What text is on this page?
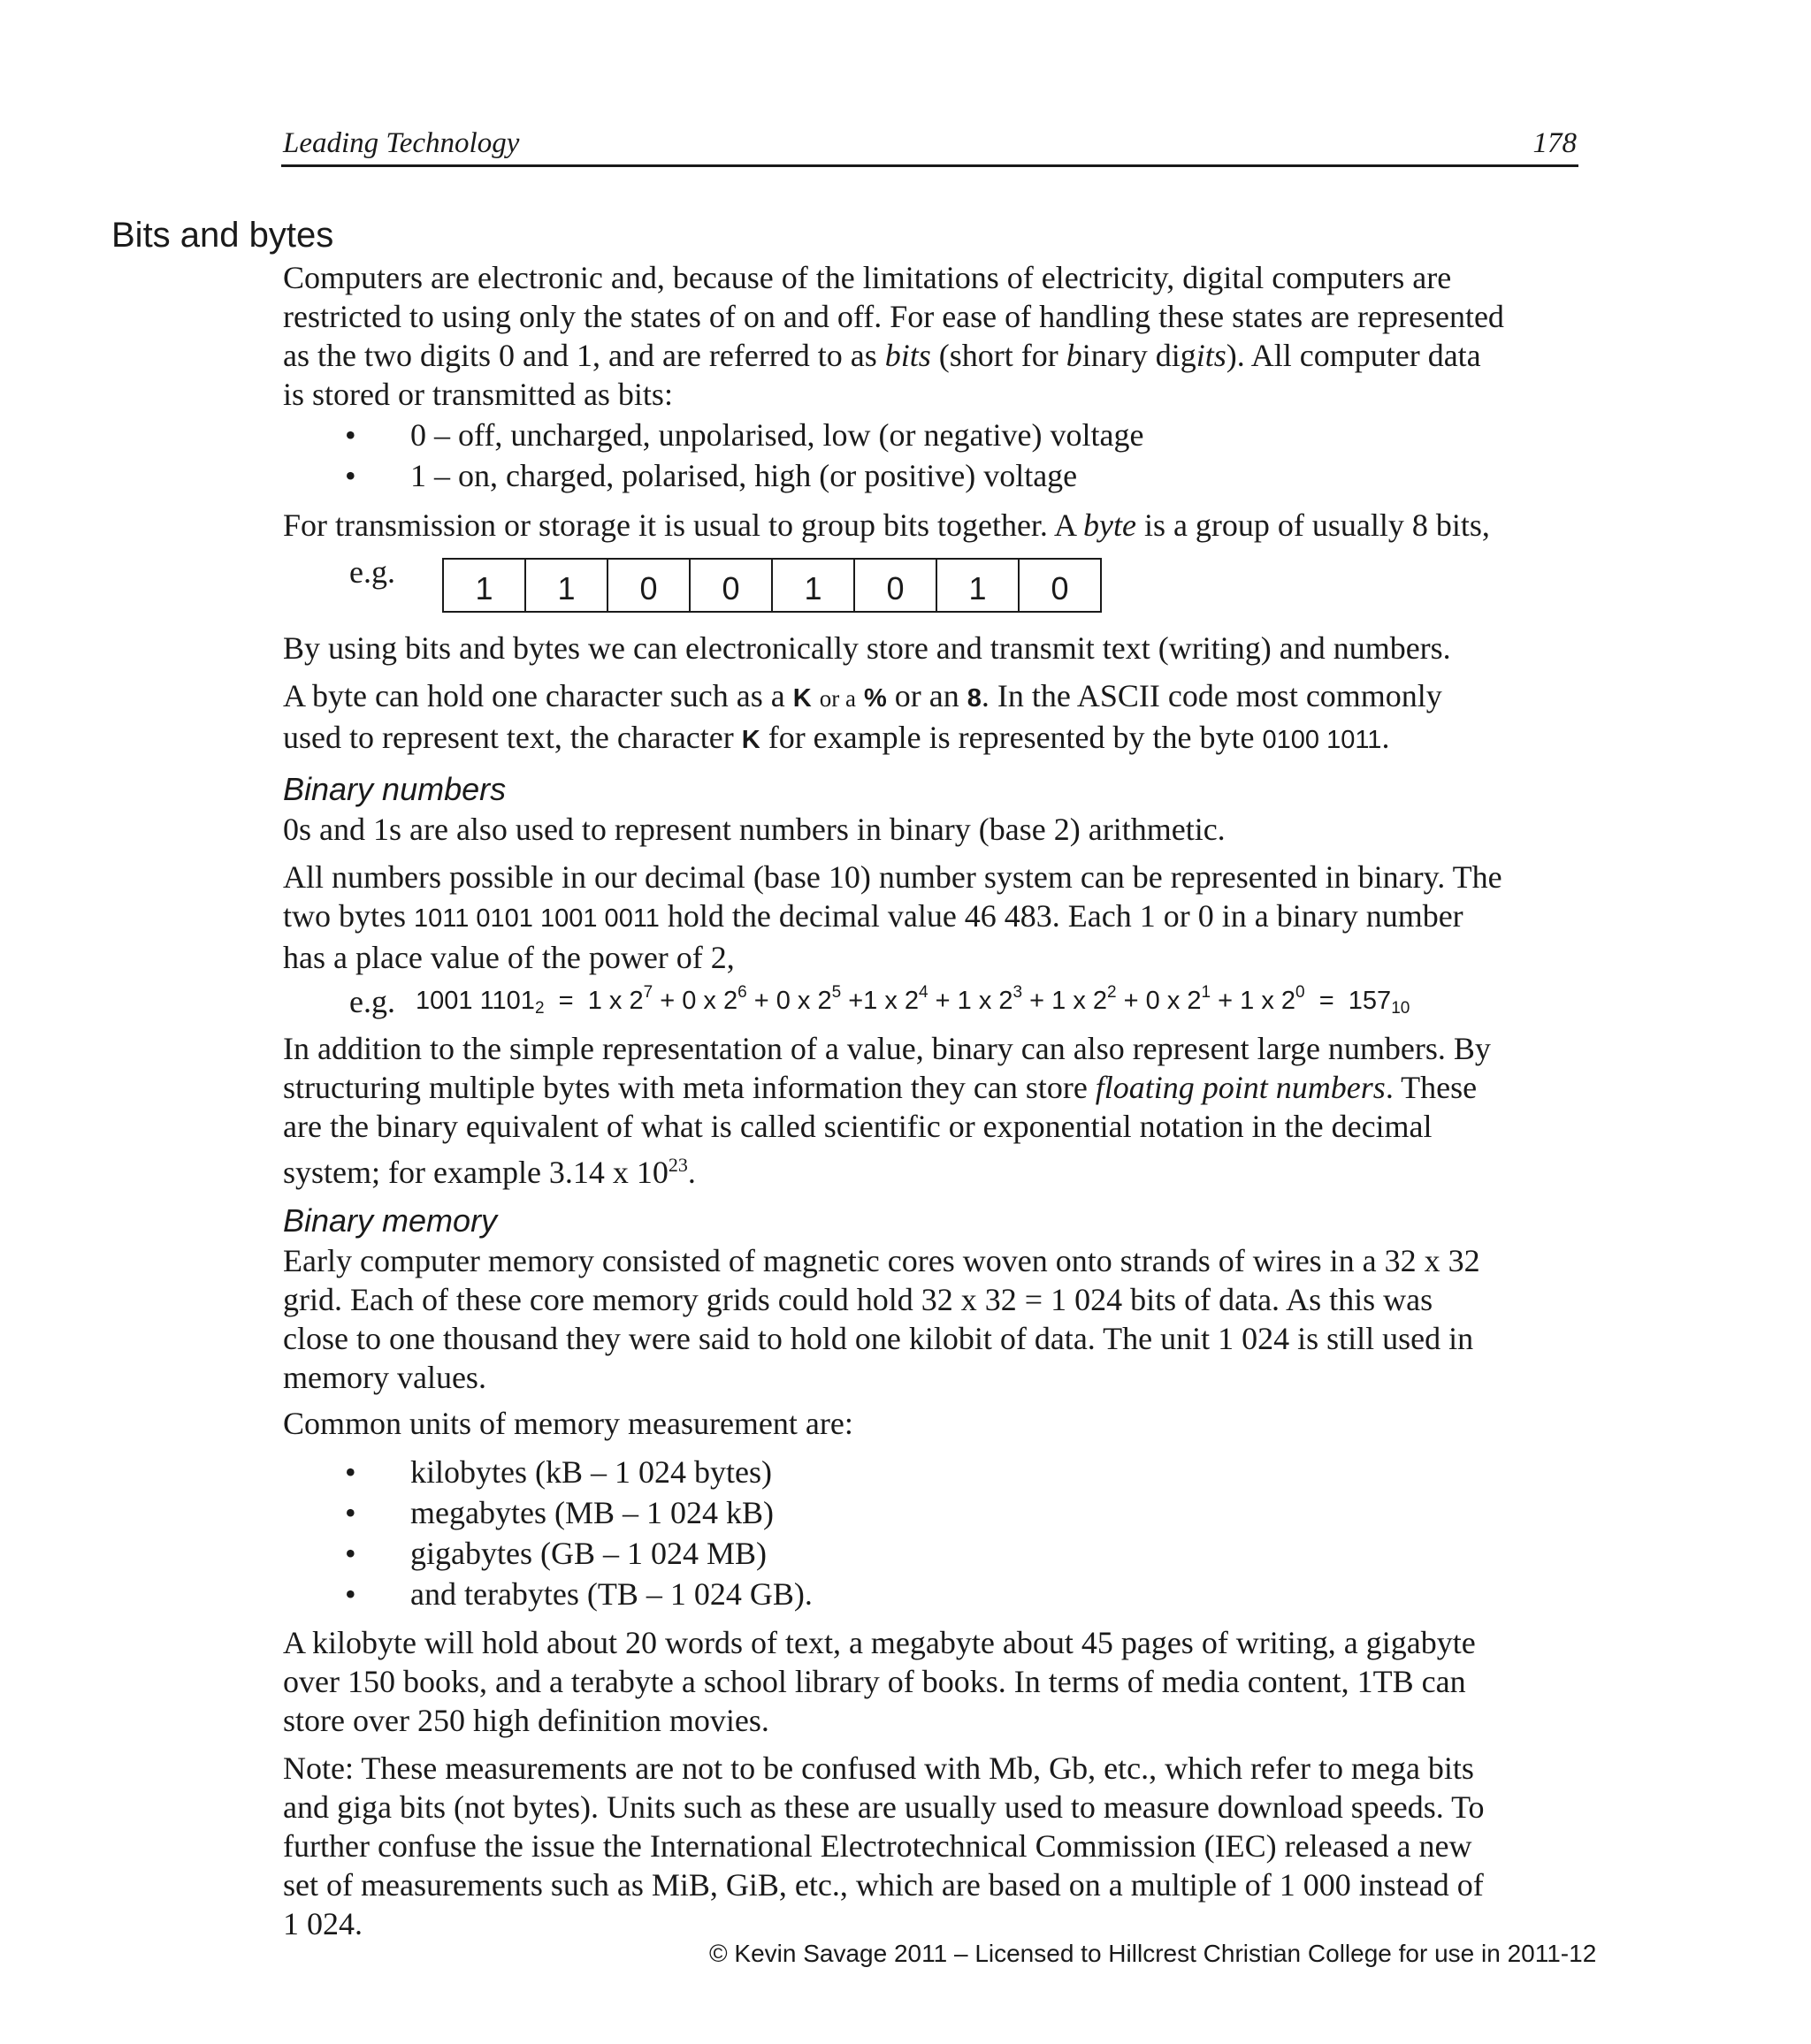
Leading Technology	178
Bits and bytes
Computers are electronic and, because of the limitations of electricity, digital computers are
restricted to using only the states of on and off. For ease of handling these states are represented
as the two digits 0 and 1, and are referred to as bits (short for binary digits). All computer data
is stored or transmitted as bits:
•	0 – off, uncharged, unpolarised, low (or negative) voltage
•	1 – on, charged, polarised, high (or positive) voltage
For transmission or storage it is usual to group bits together. A byte is a group of usually 8 bits,
e.g.	1	1	0	0	1	0	1	0
By using bits and bytes we can electronically store and transmit text (writing) and numbers.
A byte can hold one character such as a K or a % or an 8. In the ASCII code most commonly
used to represent text, the character K for example is represented by the byte 0100 1011.
Binary numbers
0s and 1s are also used to represent numbers in binary (base 2) arithmetic.
All numbers possible in our decimal (base 10) number system can be represented in binary. The
two bytes 1011 0101 1001 0011 hold the decimal value 46 483. Each 1 or 0 in a binary number
has a place value of the power of 2,
e.g. 1001 $1101_2 = 1$ x $2^7 + 0$ x $2^6 + 0$ x $2^5 +1$ x $2^4 + 1$ x $2^3 + 1$ x $2^2 + 0$ x $2^1 + 1$ x $2^0 = 157_{10}$
In addition to the simple representation of a value, binary can also represent large numbers. By
structuring multiple bytes with meta information they can store floating point numbers. These
are the binary equivalent of what is called scientific or exponential notation in the decimal
system; for example 3.14 x $10^{23}$.
Binary memory
Early computer memory consisted of magnetic cores woven onto strands of wires in a 32 x 32
grid. Each of these core memory grids could hold 32 x 32 = 1 024 bits of data. As this was
close to one thousand they were said to hold one kilobit of data. The unit 1 024 is still used in
memory values.
Common units of memory measurement are:
•	kilobytes (kB – 1 024 bytes)
•	megabytes (MB – 1 024 kB)
•	gigabytes (GB – 1 024 MB)
•	and terabytes (TB – 1 024 GB).
A kilobyte will hold about 20 words of text, a megabyte about 45 pages of writing, a gigabyte
over 150 books, and a terabyte a school library of books. In terms of media content, 1TB can
store over 250 high definition movies.
Note: These measurements are not to be confused with Mb, Gb, etc., which refer to mega bits
and giga bits (not bytes). Units such as these are usually used to measure download speeds. To
further confuse the issue the International Electrotechnical Commission (IEC) released a new
set of measurements such as MiB, GiB, etc., which are based on a multiple of 1 000 instead of
1 024.
© Kevin Savage 2011 – Licensed to Hillcrest Christian College for use in 2011-12
